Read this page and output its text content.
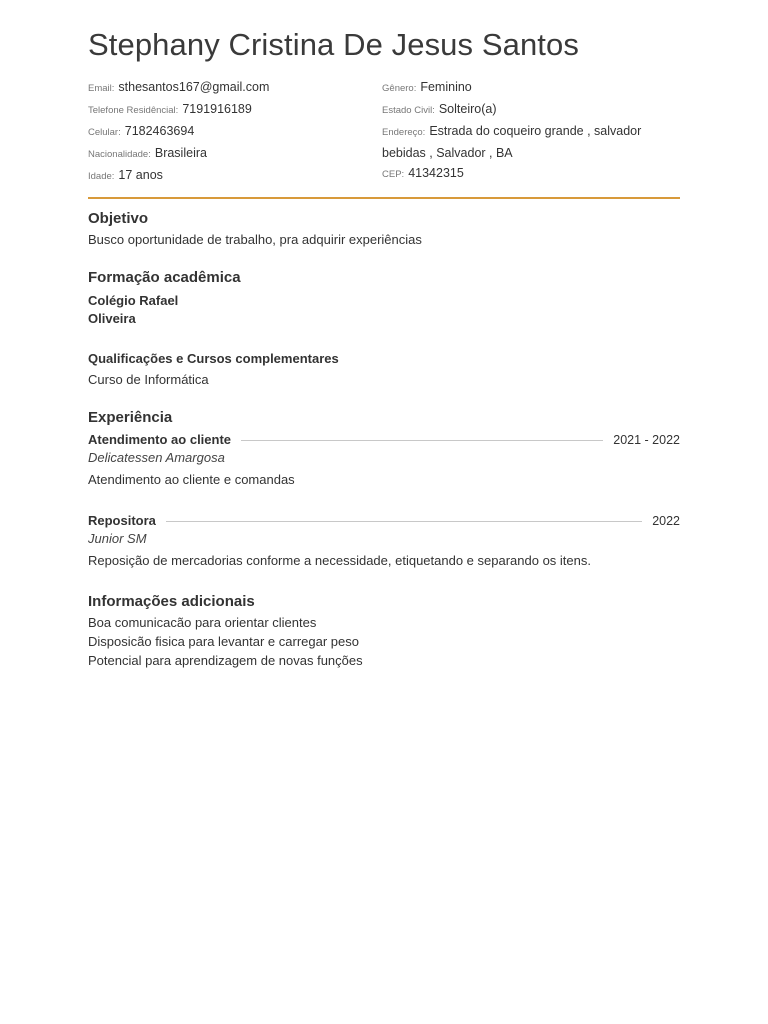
Stephany Cristina De Jesus Santos
Email: sthesantos167@gmail.com
Telefone Residêncial: 7191916189
Celular: 7182463694
Nacionalidade: Brasileira
Idade: 17 anos
Gênero: Feminino
Estado Civil: Solteiro(a)
Endereço: Estrada do coqueiro grande , salvador bebidas , Salvador , BA
CEP: 41342315
Objetivo
Busco oportunidade de trabalho, pra adquirir experiências
Formação acadêmica
Colégio Rafael
Oliveira
Qualificações e Cursos complementares
Curso de Informática
Experiência
Atendimento ao cliente	2021 - 2022
Delicatessen Amargosa
Atendimento ao cliente e comandas
Repositora	2022
Junior SM
Reposição de mercadorias conforme a necessidade, etiquetando e separando os itens.
Informações adicionais
Boa comunicacão para orientar clientes
Disposicão fisica para levantar e carregar peso
Potencial para aprendizagem de novas funções
